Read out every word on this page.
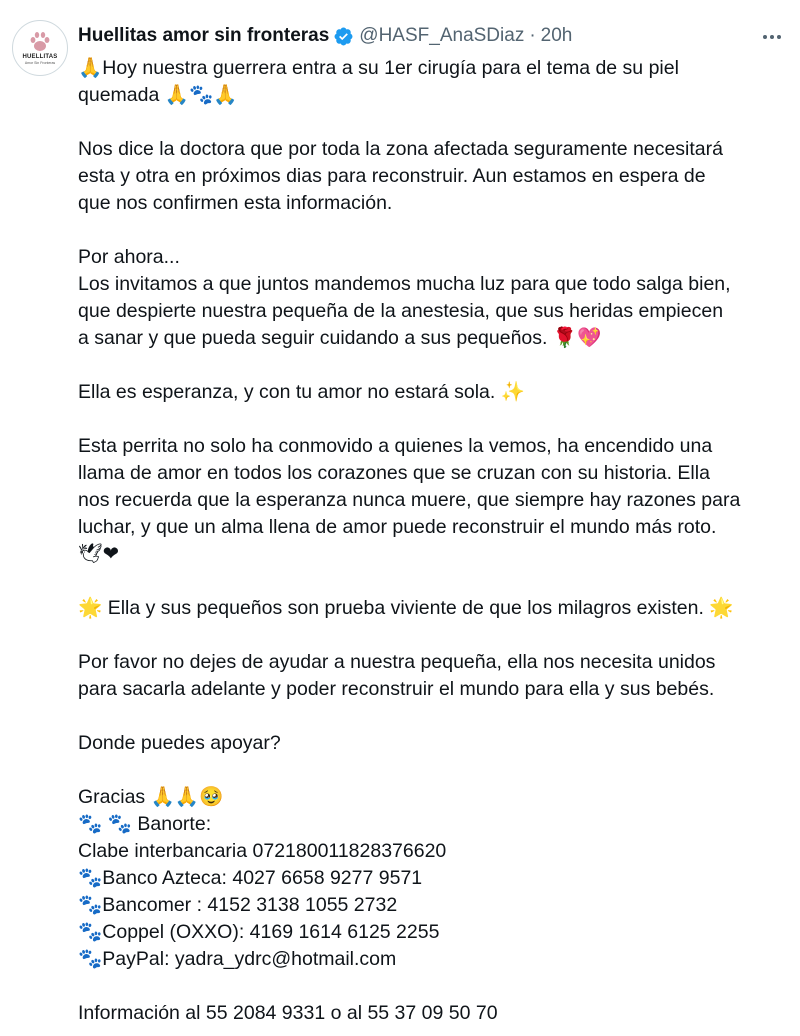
HUELLITAS
Amor Sin Fronteras
Huellitas amor sin fronteras @HASF_AnaSDiaz · 20h
🙏Hoy nuestra guerrera entra a su 1er cirugía para el tema de su piel
quemada 🙏🐾🙏
Nos dice la doctora que por toda la zona afectada seguramente necesitará
esta y otra en próximos dias para reconstruir. Aun estamos en espera de
que nos confirmen esta información.
Por ahora...
Los invitamos a que juntos mandemos mucha luz para que todo salga bien,
que despierte nuestra pequeña de la anestesia, que sus heridas empiecen
a sanar y que pueda seguir cuidando a sus pequeños. 🌹💖
Ella es esperanza, y con tu amor no estará sola. ✨
Esta perrita no solo ha conmovido a quienes la vemos, ha encendido una
llama de amor en todos los corazones que se cruzan con su historia. Ella
nos recuerda que la esperanza nunca muere, que siempre hay razones para
luchar, y que un alma llena de amor puede reconstruir el mundo más roto.
🕊❤
🌟 Ella y sus pequeños son prueba viviente de que los milagros existen. 🌟
Por favor no dejes de ayudar a nuestra pequeña, ella nos necesita unidos
para sacarla adelante y poder reconstruir el mundo para ella y sus bebés.
Donde puedes apoyar?
Gracias 🙏🙏🥹
🐾 🐾 Banorte:
Clabe interbancaria 072180011828376620
🐾Banco Azteca: 4027 6658 9277 9571
🐾Bancomer : 4152 3138 1055 2732
🐾Coppel (OXXO): 4169 1614 6125 2255
🐾PayPal: yadra_ydrc@hotmail.com
Información al 55 2084 9331 o al 55 37 09 50 70
